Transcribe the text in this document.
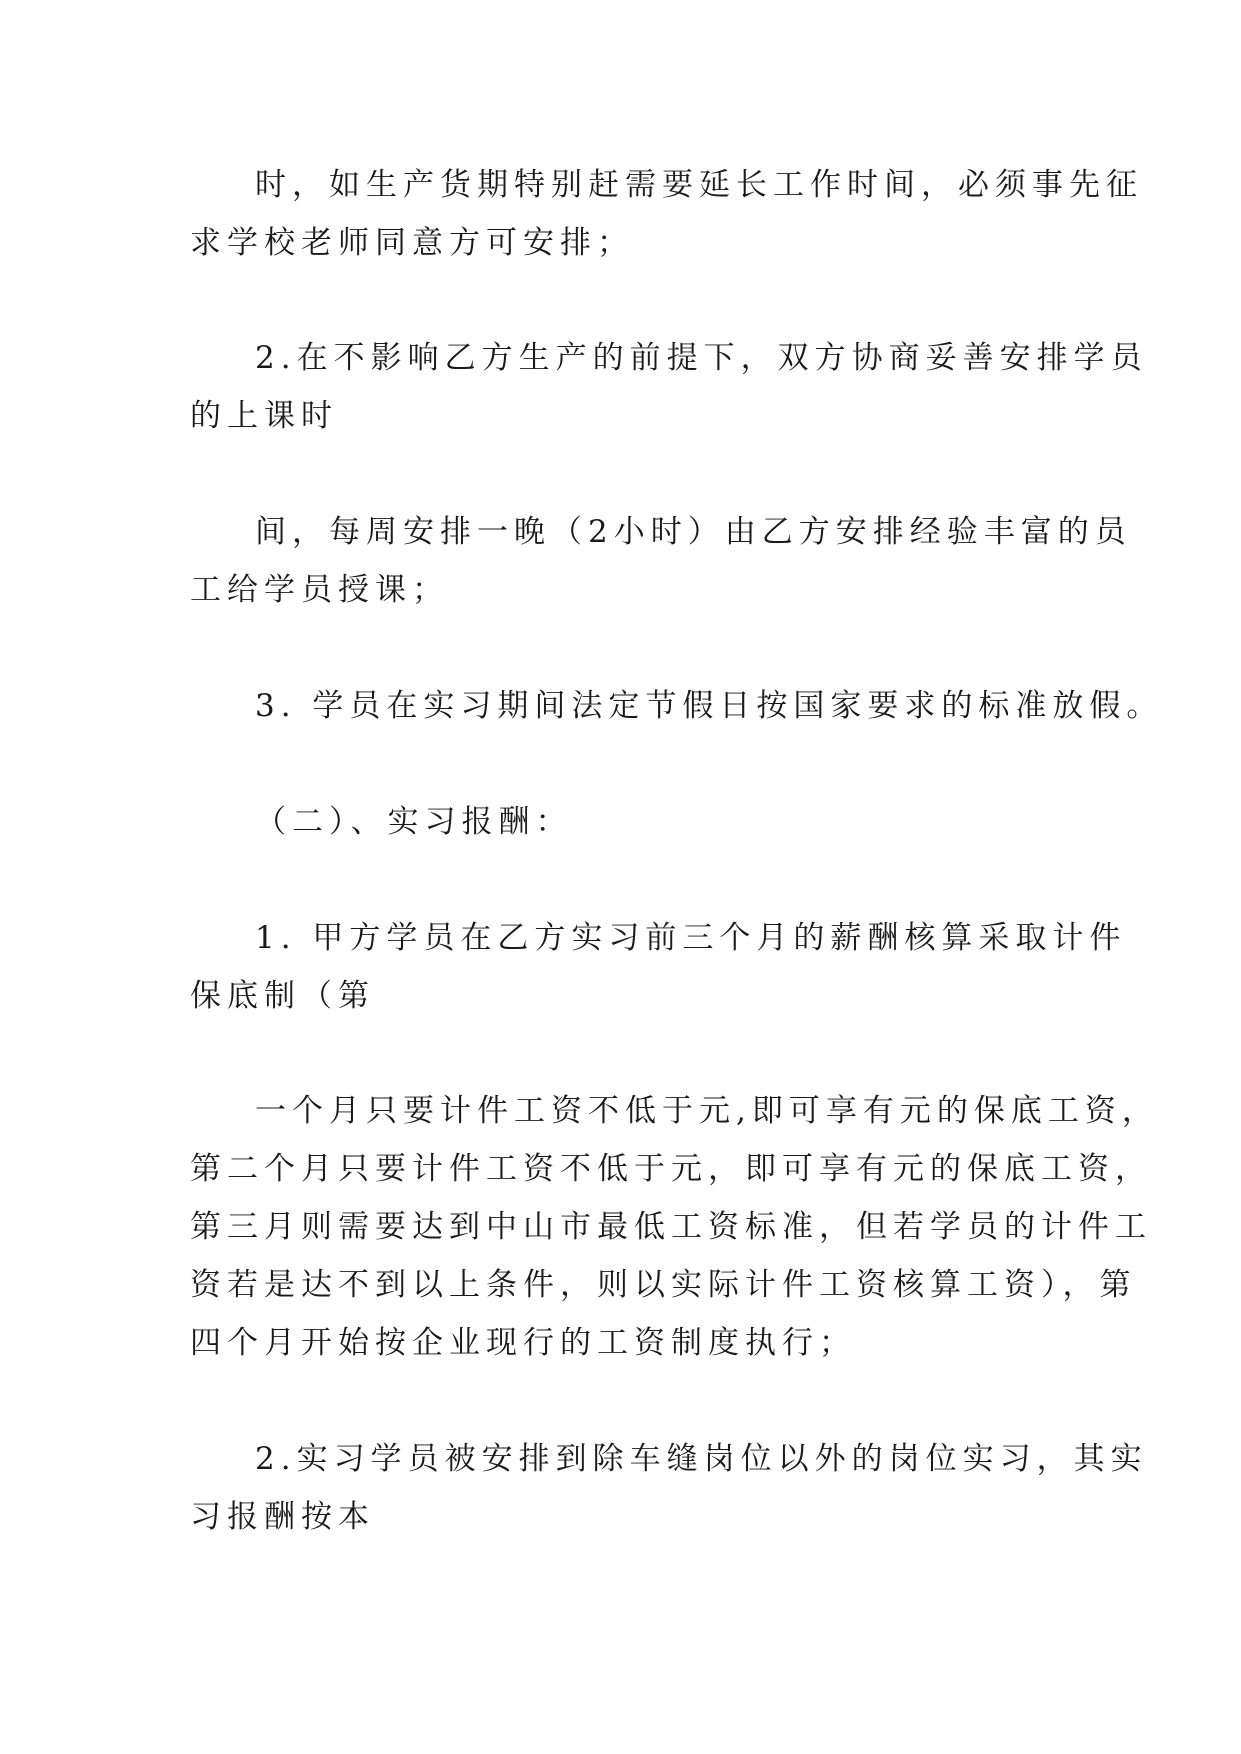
时，如生产货期特别赶需要延长工作时间，必须事先征
求学校老师同意方可安排；
2.在不影响乙方生产的前提下，双方协商妥善安排学员
的上课时
间，每周安排一晚（2小时）由乙方安排经验丰富的员
工给学员授课；
3. 学员在实习期间法定节假日按国家要求的标准放假。
（二）、实习报酬：
1. 甲方学员在乙方实习前三个月的薪酬核算采取计件
保底制（第
一个月只要计件工资不低于元,即可享有元的保底工资，
第二个月只要计件工资不低于元，即可享有元的保底工资，
第三月则需要达到中山市最低工资标准，但若学员的计件工
资若是达不到以上条件，则以实际计件工资核算工资），第
四个月开始按企业现行的工资制度执行；
2.实习学员被安排到除车缝岗位以外的岗位实习，其实
习报酬按本
